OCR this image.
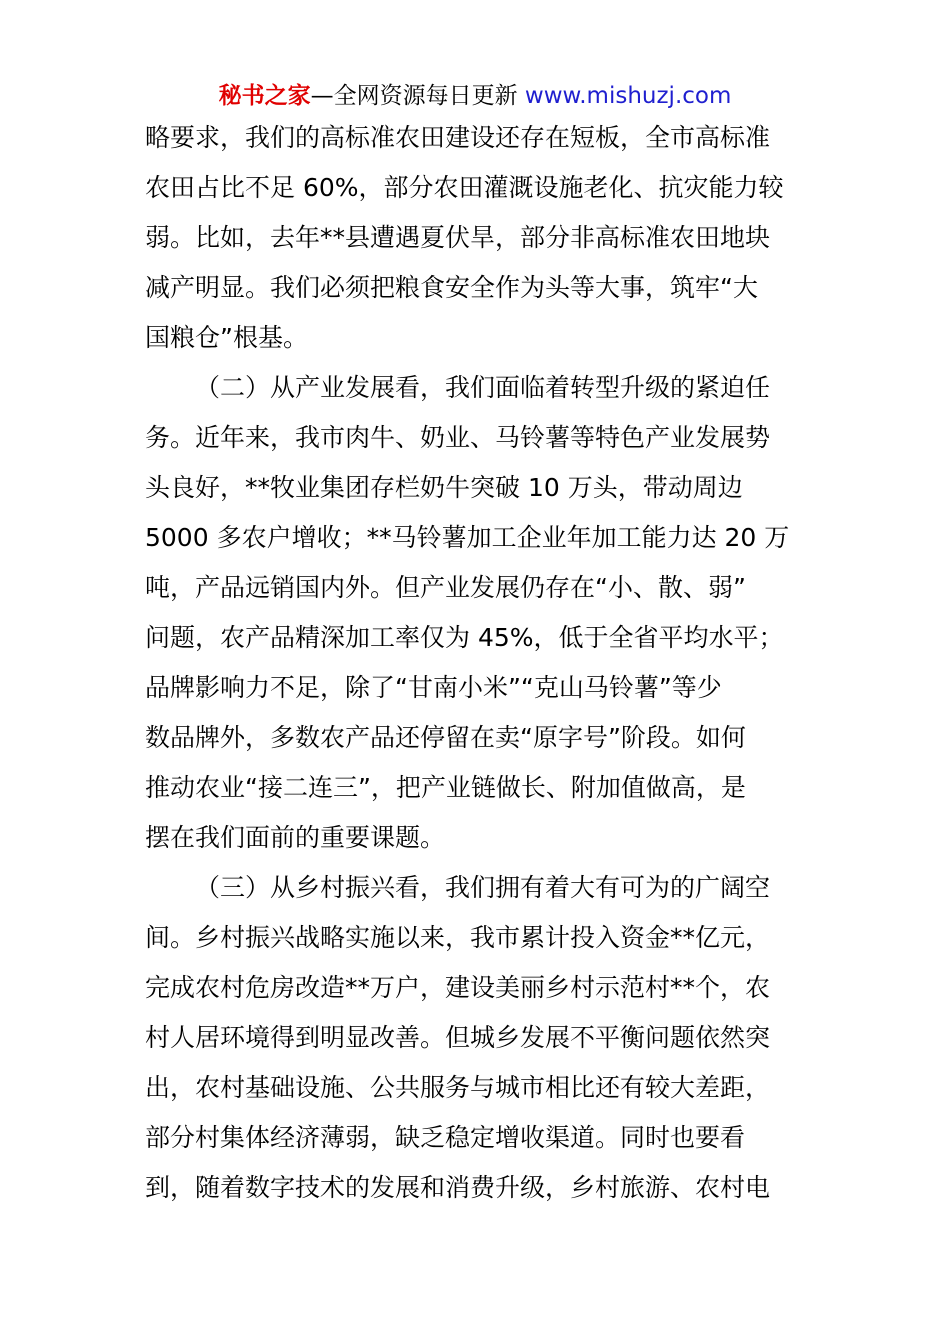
秘书之家—全网资源每日更新 www.mishuzj.com
略要求，我们的高标准农田建设还存在短板，全市高标准
农田占比不足 60%，部分农田灌溉设施老化、抗灾能力较
弱。比如，去年**县遭遇夏伏旱，部分非高标准农田地块
减产明显。我们必须把粮食安全作为头等大事，筑牢“大
国粮仓”根基。
（二）从产业发展看，我们面临着转型升级的紧迫任
务。近年来，我市肉牛、奶业、马铃薯等特色产业发展势
头良好，**牧业集团存栏奶牛突破 10 万头，带动周边
5000 多农户增收；**马铃薯加工企业年加工能力达 20 万
吨，产品远销国内外。但产业发展仍存在“小、散、弱”
问题，农产品精深加工率仅为 45%，低于全省平均水平；
品牌影响力不足，除了“甘南小米”“克山马铃薯”等少
数品牌外，多数农产品还停留在卖“原字号”阶段。如何
推动农业“接二连三”，把产业链做长、附加值做高，是
摆在我们面前的重要课题。
（三）从乡村振兴看，我们拥有着大有可为的广阔空
间。乡村振兴战略实施以来，我市累计投入资金**亿元，
完成农村危房改造**万户，建设美丽乡村示范村**个，农
村人居环境得到明显改善。但城乡发展不平衡问题依然突
出，农村基础设施、公共服务与城市相比还有较大差距，
部分村集体经济薄弱，缺乏稳定增收渠道。同时也要看
到，随着数字技术的发展和消费升级，乡村旅游、农村电
